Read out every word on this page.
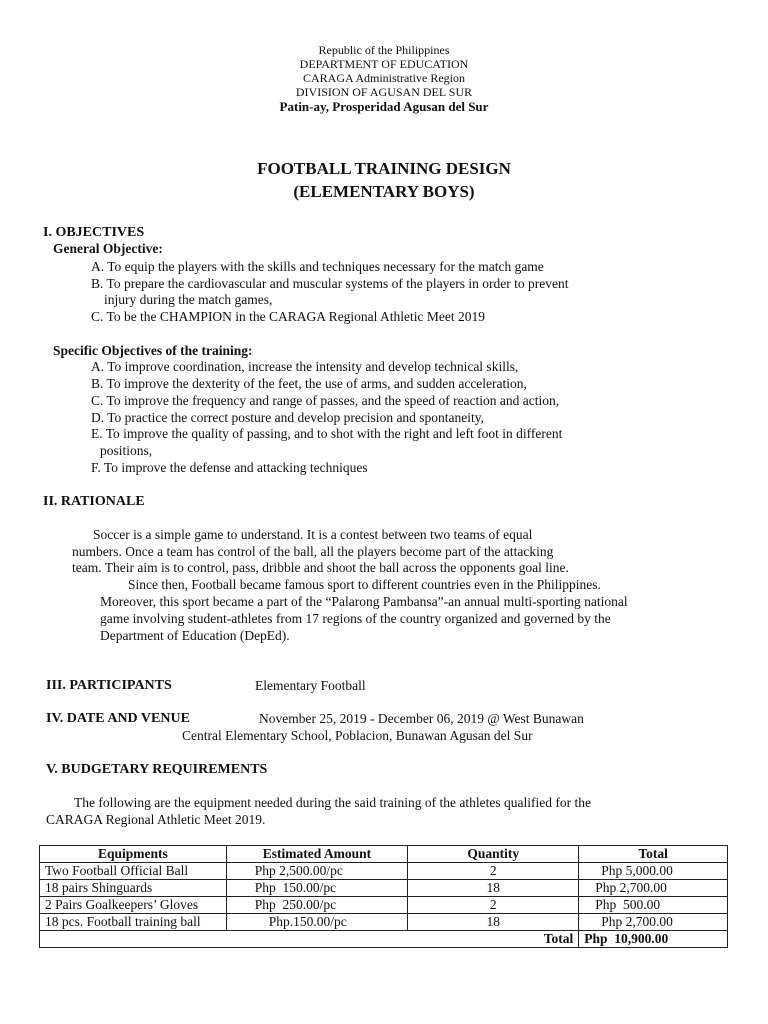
Republic of the Philippines
DEPARTMENT OF EDUCATION
CARAGA Administrative Region
DIVISION OF AGUSAN DEL SUR
Patin-ay, Prosperidad Agusan del Sur
FOOTBALL TRAINING DESIGN
(ELEMENTARY BOYS)
I. OBJECTIVES
General Objective:
A. To equip the players with the skills and techniques necessary for the match game
B. To prepare the cardiovascular and muscular systems of the players in order to prevent
injury during the match games,
C. To be the CHAMPION in the CARAGA Regional Athletic Meet 2019
Specific Objectives of the training:
A. To improve coordination, increase the intensity and develop technical skills,
B. To improve the dexterity of the feet, the use of arms, and sudden acceleration,
C. To improve the frequency and range of passes, and the speed of reaction and action,
D. To practice the correct posture and develop precision and spontaneity,
E. To improve the quality of passing, and to shot with the right and left foot in different
positions,
F. To improve the defense and attacking techniques
II. RATIONALE
Soccer is a simple game to understand. It is a contest between two teams of equal
numbers. Once a team has control of the ball, all the players become part of the attacking
team. Their aim is to control, pass, dribble and shoot the ball across the opponents goal line.
Since then, Football became famous sport to different countries even in the Philippines.
Moreover, this sport became a part of the “Palarong Pambansa”-an annual multi-sporting national
game involving student-athletes from 17 regions of the country organized and governed by the
Department of Education (DepEd).
III. PARTICIPANTS	Elementary Football
IV. DATE AND VENUE	November 25, 2019 - December 06, 2019 @ West Bunawan
Central Elementary School, Poblacion, Bunawan Agusan del Sur
V. BUDGETARY REQUIREMENTS
The following are the equipment needed during the said training of the athletes qualified for the
CARAGA Regional Athletic Meet 2019.
Equipments	Estimated Amount	Quantity	Total
Two Football Official Ball	Php 2,500.00/pc	2	Php 5,000.00
18 pairs Shinguards	Php  150.00/pc	18	Php 2,700.00
2 Pairs Goalkeepers’ Gloves	Php  250.00/pc	2	Php  500.00
18 pcs. Football training ball	Php.150.00/pc	18	Php 2,700.00
Total			Php  10,900.00
